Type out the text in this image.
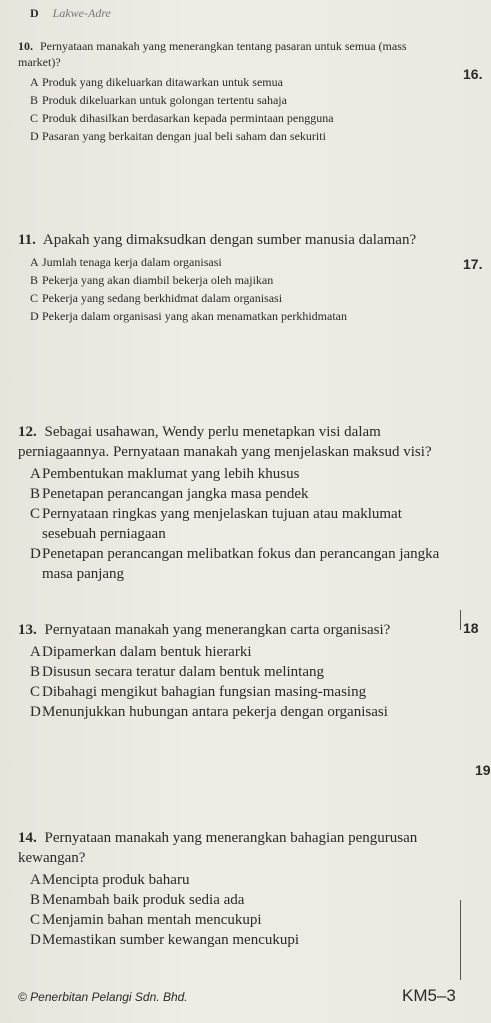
D Lakwe-Adre
10. Pernyataan manakah yang menerangkan tentang pasaran untuk semua (mass market)?
A Produk yang dikeluarkan ditawarkan untuk semua
B Produk dikeluarkan untuk golongan tertentu sahaja
C Produk dihasilkan berdasarkan kepada permintaan pengguna
D Pasaran yang berkaitan dengan jual beli saham dan sekuriti
11. Apakah yang dimaksudkan dengan sumber manusia dalaman?
A Jumlah tenaga kerja dalam organisasi
B Pekerja yang akan diambil bekerja oleh majikan
C Pekerja yang sedang berkhidmat dalam organisasi
D Pekerja dalam organisasi yang akan menamatkan perkhidmatan
12. Sebagai usahawan, Wendy perlu menetapkan visi dalam perniagaannya. Pernyataan manakah yang menjelaskan maksud visi?
A Pembentukan maklumat yang lebih khusus
B Penetapan perancangan jangka masa pendek
C Pernyataan ringkas yang menjelaskan tujuan atau maklumat sesebuah perniagaan
D Penetapan perancangan melibatkan fokus dan perancangan jangka masa panjang
13. Pernyataan manakah yang menerangkan carta organisasi?
A Dipamerkan dalam bentuk hierarki
B Disusun secara teratur dalam bentuk melintang
C Dibahagi mengikut bahagian fungsian masing-masing
D Menunjukkan hubungan antara pekerja dengan organisasi
14. Pernyataan manakah yang menerangkan bahagian pengurusan kewangan?
A Mencipta produk baharu
B Menambah baik produk sedia ada
C Menjamin bahan mentah mencukupi
D Memastikan sumber kewangan mencukupi
16.
17.
18
19
© Penerbitan Pelangi Sdn. Bhd.	KM5–3
